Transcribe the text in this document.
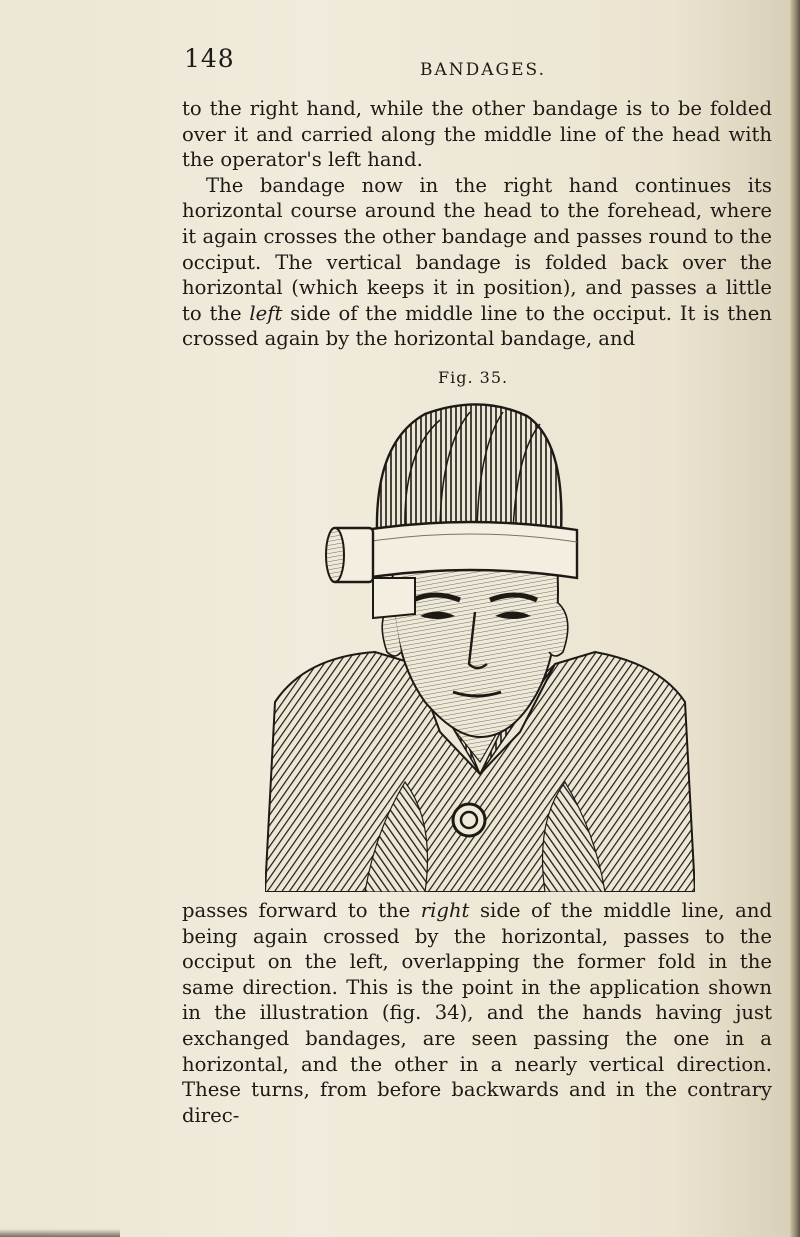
148	BANDAGES.

to the right hand, while the other bandage is to be folded over it and carried along the middle line of the head with the operator's left hand.

The bandage now in the right hand continues its horizontal course around the head to the forehead, where it again crosses the other bandage and passes round to the occiput. The vertical bandage is folded back over the horizontal (which keeps it in position), and passes a little to the left side of the middle line to the occiput. It is then crossed again by the horizontal bandage, and

Fig. 35.

passes forward to the right side of the middle line, and being again crossed by the horizontal, passes to the occiput on the left, overlapping the former fold in the same direction. This is the point in the application shown in the illustration (fig. 34), and the hands having just exchanged bandages, are seen passing the one in a horizontal, and the other in a nearly vertical direction. These turns, from before backwards and in the contrary direc-
